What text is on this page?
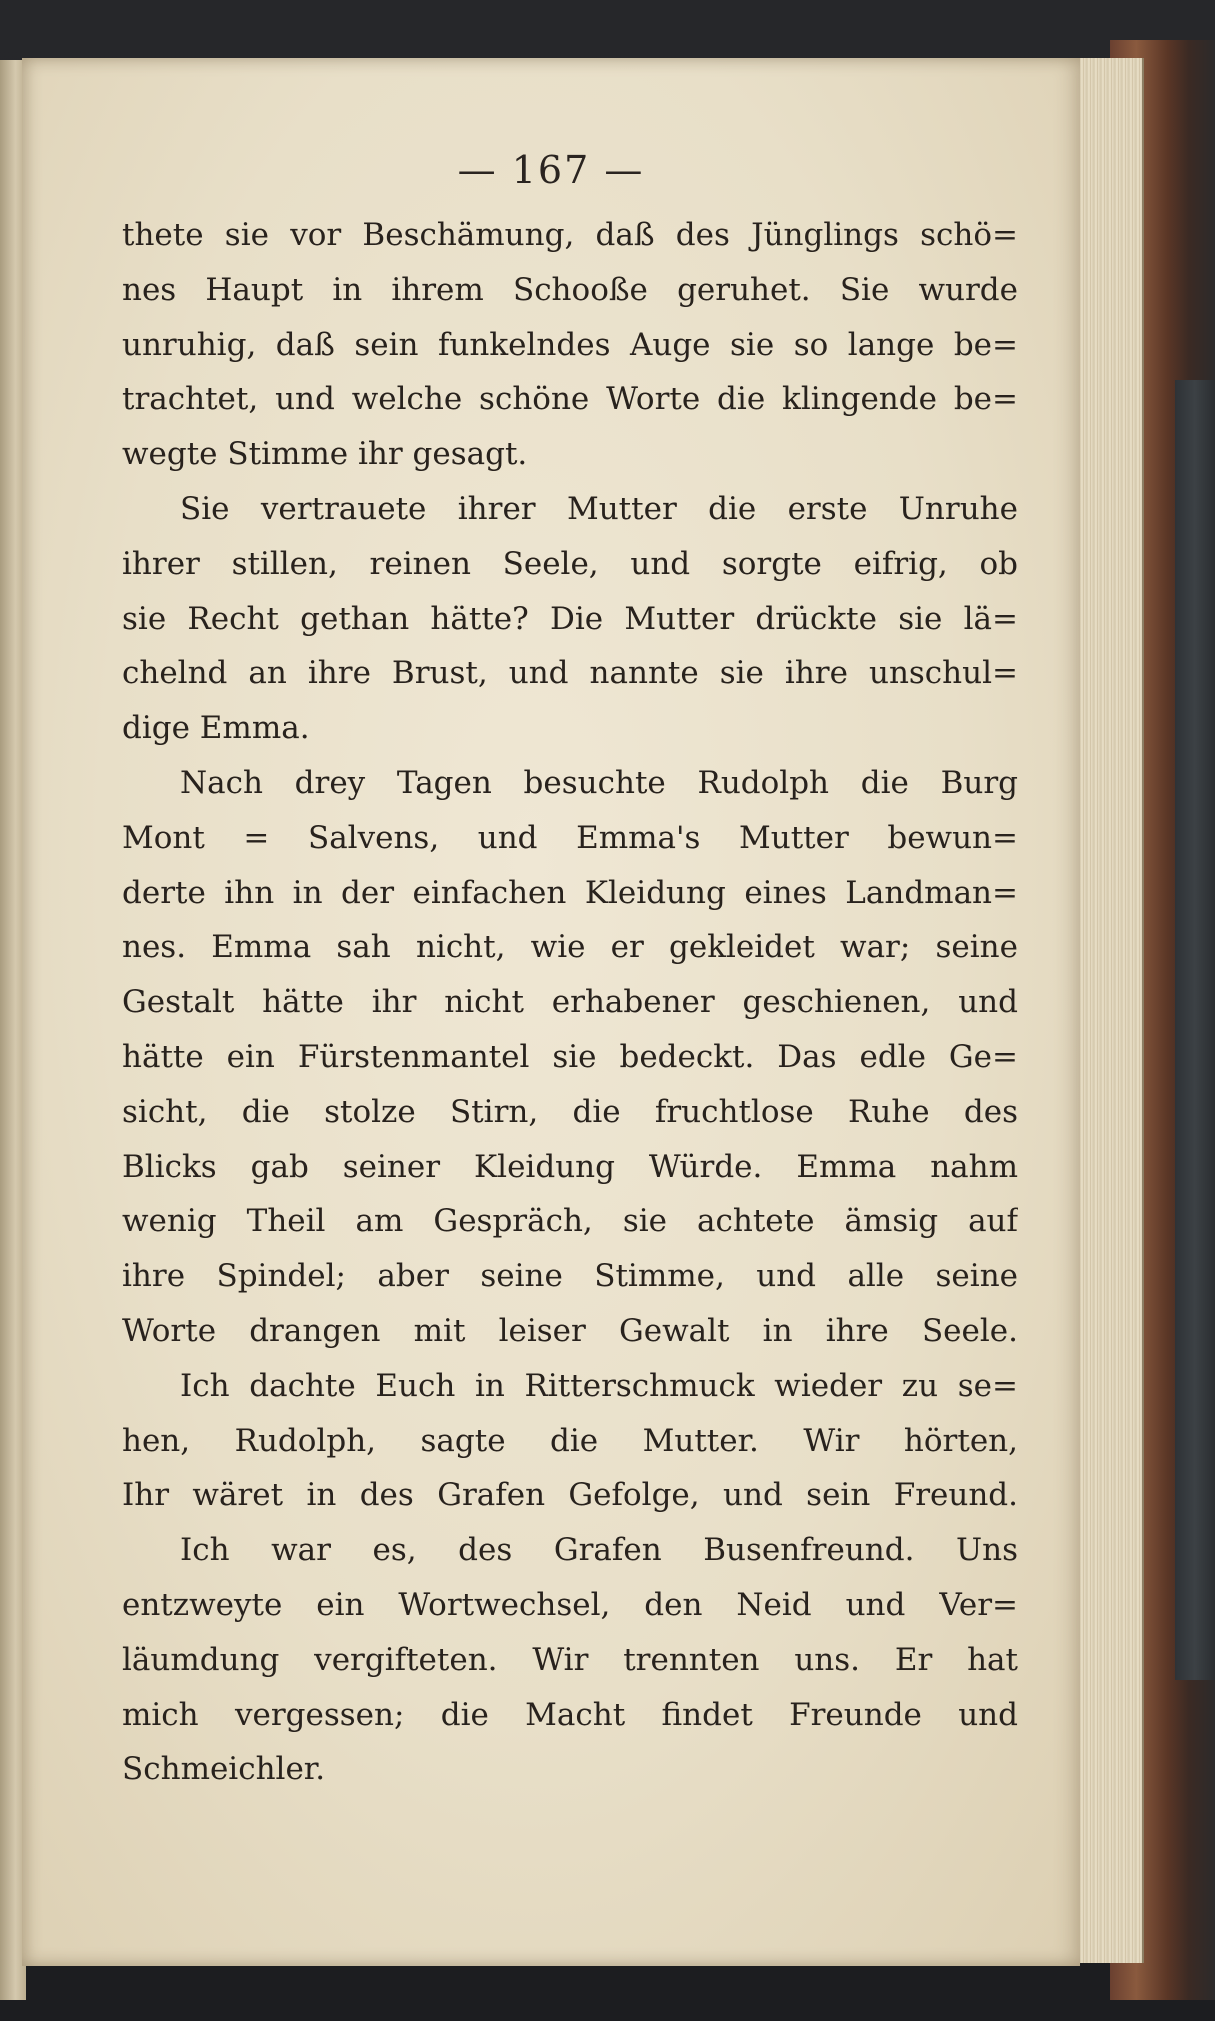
— 167 —
thete sie vor Beschämung, daß des Jünglings schö=
nes Haupt in ihrem Schooße geruhet. Sie wurde
unruhig, daß sein funkelndes Auge sie so lange be=
trachtet, und welche schöne Worte die klingende be=
wegte Stimme ihr gesagt.
Sie vertrauete ihrer Mutter die erste Unruhe
ihrer stillen, reinen Seele, und sorgte eifrig, ob
sie Recht gethan hätte? Die Mutter drückte sie lä=
chelnd an ihre Brust, und nannte sie ihre unschul=
dige Emma.
Nach drey Tagen besuchte Rudolph die Burg
Mont = Salvens, und Emma's Mutter bewun=
derte ihn in der einfachen Kleidung eines Landman=
nes. Emma sah nicht, wie er gekleidet war; seine
Gestalt hätte ihr nicht erhabener geschienen, und
hätte ein Fürstenmantel sie bedeckt. Das edle Ge=
sicht, die stolze Stirn, die fruchtlose Ruhe des
Blicks gab seiner Kleidung Würde. Emma nahm
wenig Theil am Gespräch, sie achtete ämsig auf
ihre Spindel; aber seine Stimme, und alle seine
Worte drangen mit leiser Gewalt in ihre Seele.
Ich dachte Euch in Ritterschmuck wieder zu se=
hen, Rudolph, sagte die Mutter. Wir hörten,
Ihr wäret in des Grafen Gefolge, und sein Freund.
Ich war es, des Grafen Busenfreund. Uns
entzweyte ein Wortwechsel, den Neid und Ver=
läumdung vergifteten. Wir trennten uns. Er hat
mich vergessen; die Macht findet Freunde und
Schmeichler.
